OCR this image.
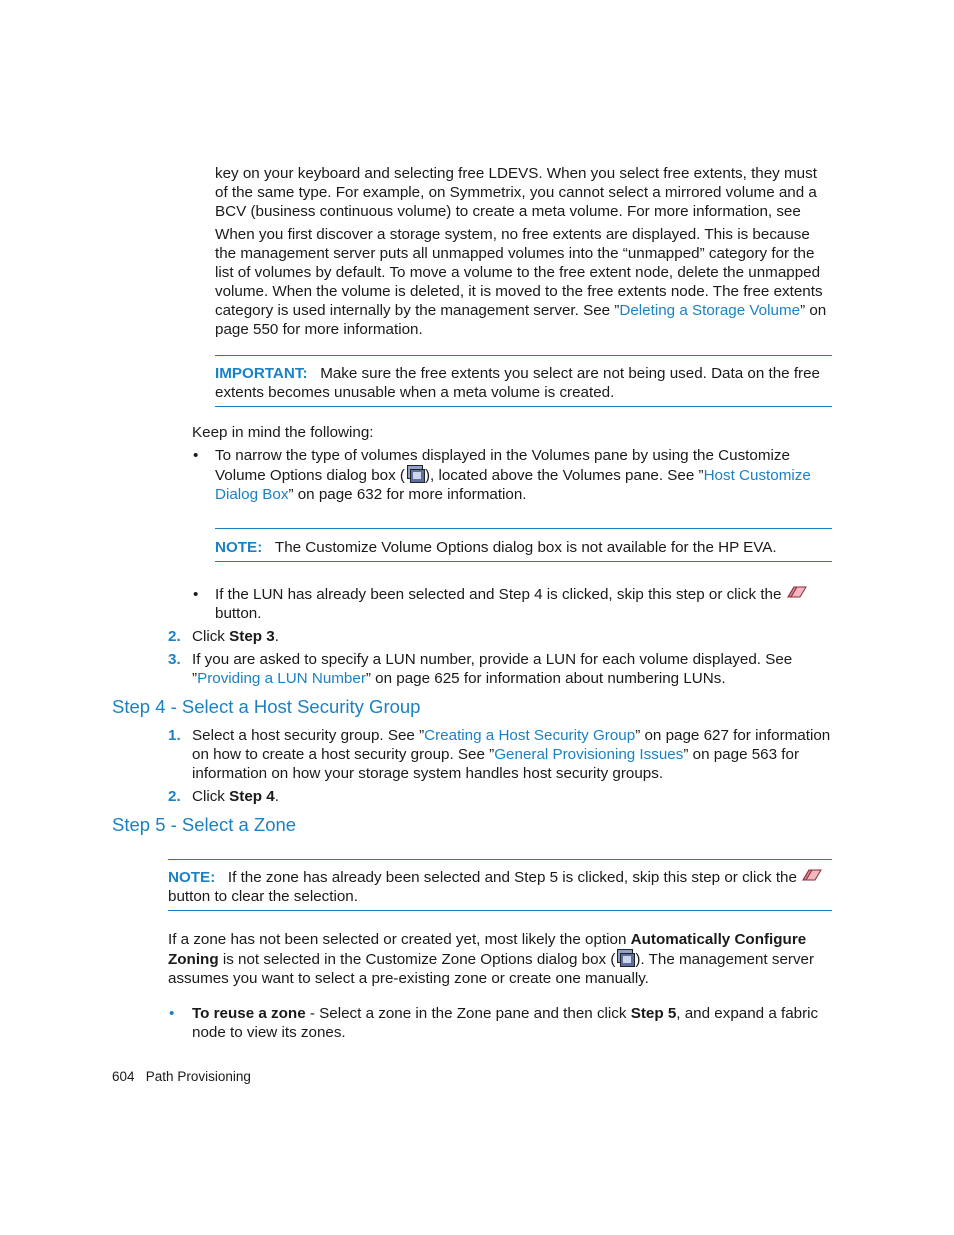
key on your keyboard and selecting free LDEVS. When you select free extents, they must of the same type. For example, on Symmetrix, you cannot select a mirrored volume and a BCV (business continuous volume) to create a meta volume. For more information, see

When you first discover a storage system, no free extents are displayed. This is because the management server puts all unmapped volumes into the “unmapped” category for the list of volumes by default. To move a volume to the free extent node, delete the unmapped volume. When the volume is deleted, it is moved to the free extents node. The free extents category is used internally by the management server. See ”Deleting a Storage Volume” on page 550 for more information.

IMPORTANT: Make sure the free extents you select are not being used. Data on the free extents becomes unusable when a meta volume is created.

Keep in mind the following:

• To narrow the type of volumes displayed in the Volumes pane by using the Customize Volume Options dialog box ( ), located above the Volumes pane. See ”Host Customize Dialog Box” on page 632 for more information.

NOTE: The Customize Volume Options dialog box is not available for the HP EVA.

• If the LUN has already been selected and Step 4 is clicked, skip this step or click the

button.

2. Click Step 3.

3. If you are asked to specify a LUN number, provide a LUN for each volume displayed. See ”Providing a LUN Number” on page 625 for information about numbering LUNs.

Step 4 - Select a Host Security Group
1. Select a host security group. See ”Creating a Host Security Group” on page 627 for information on how to create a host security group. See ”General Provisioning Issues” on page 563 for information on how your storage system handles host security groups.

2. Click Step 4.

Step 5 - Select a Zone

NOTE: If the zone has already been selected and Step 5 is clicked, skip this step or click the

button to clear the selection.

If a zone has not been selected or created yet, most likely the option Automatically Configure Zoning is not selected in the Customize Zone Options dialog box ( ). The management server assumes you want to select a pre-existing zone or create one manually.

• To reuse a zone - Select a zone in the Zone pane and then click Step 5, and expand a fabric node to view its zones.

604 Path Provisioning
